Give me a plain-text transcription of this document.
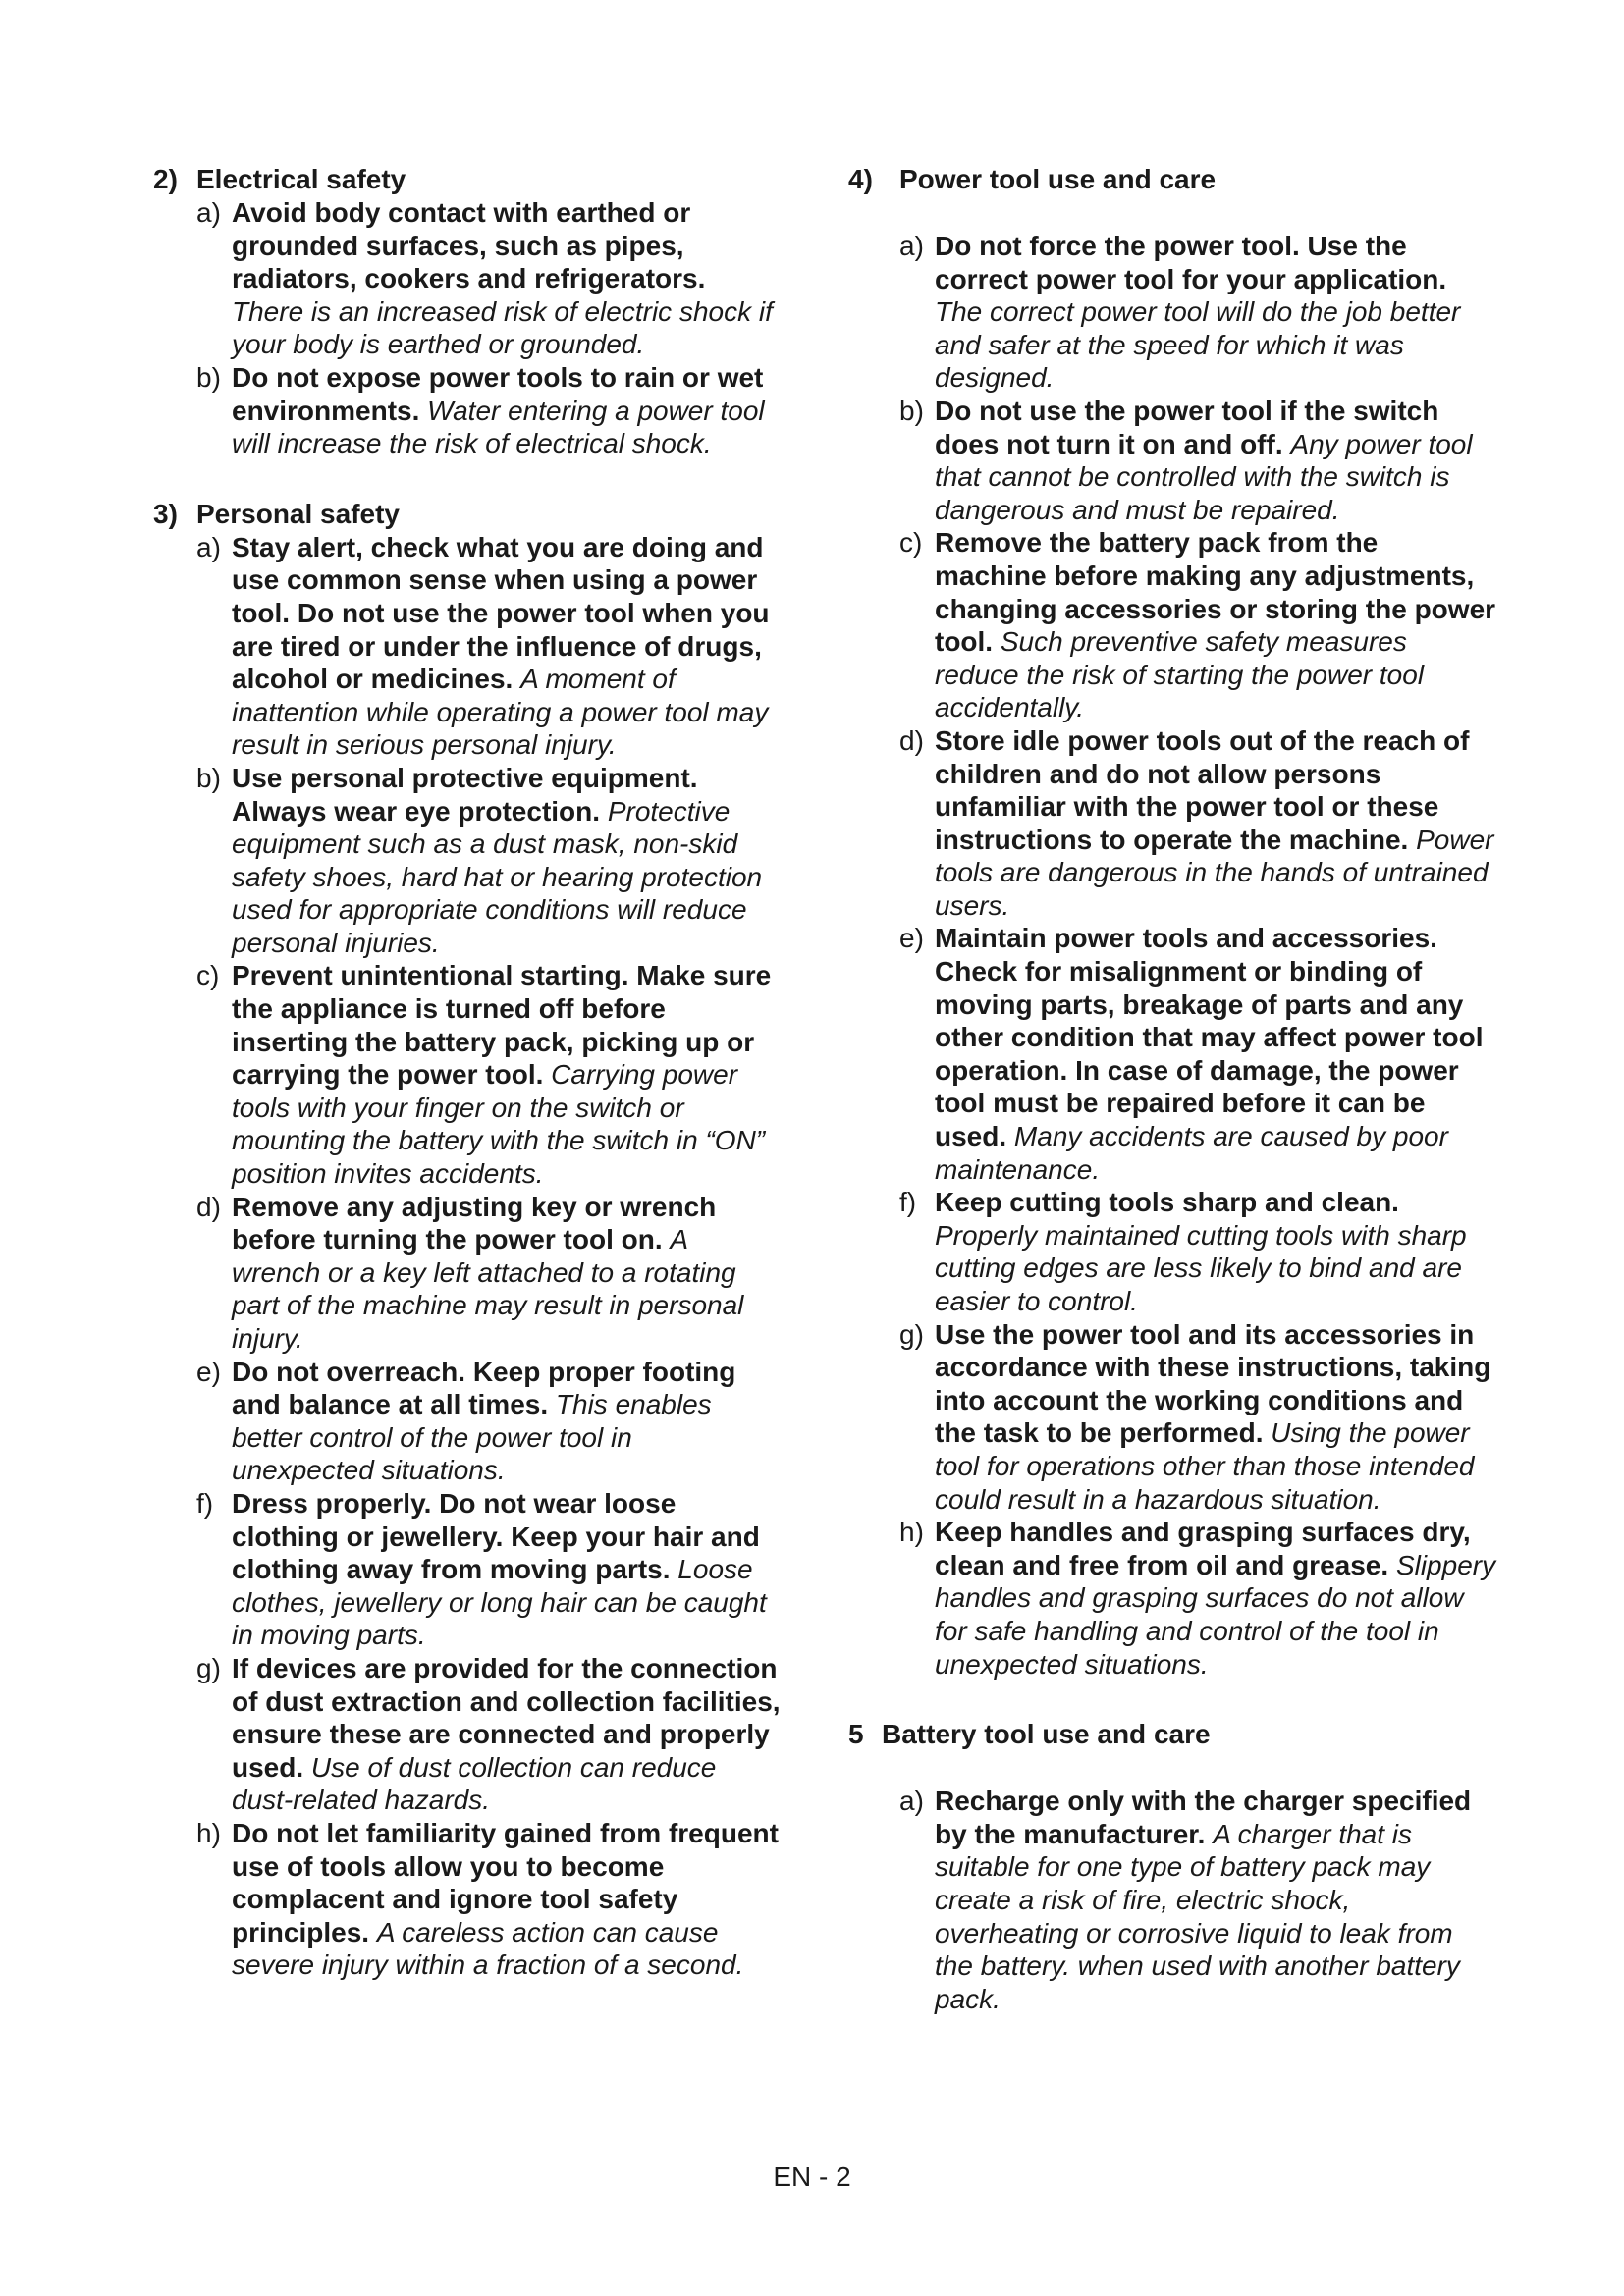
2) Electrical safety
a) Avoid body contact with earthed or grounded surfaces, such as pipes, radiators, cookers and refrigerators. There is an increased risk of electric shock if your body is earthed or grounded.
b) Do not expose power tools to rain or wet environments. Water entering a power tool will increase the risk of electrical shock.
3) Personal safety
a) Stay alert, check what you are doing and use common sense when using a power tool. Do not use the power tool when you are tired or under the influence of drugs, alcohol or medicines. A moment of inattention while operating a power tool may result in serious personal injury.
b) Use personal protective equipment. Always wear eye protection. Protective equipment such as a dust mask, non-skid safety shoes, hard hat or hearing protection used for appropriate conditions will reduce personal injuries.
c) Prevent unintentional starting. Make sure the appliance is turned off before inserting the battery pack, picking up or carrying the power tool. Carrying power tools with your finger on the switch or mounting the battery with the switch in “ON” position invites accidents.
d) Remove any adjusting key or wrench before turning the power tool on. A wrench or a key left attached to a rotating part of the machine may result in personal injury.
e) Do not overreach. Keep proper footing and balance at all times. This enables better control of the power tool in unexpected situations.
f) Dress properly. Do not wear loose clothing or jewellery. Keep your hair and clothing away from moving parts. Loose clothes, jewellery or long hair can be caught in moving parts.
g) If devices are provided for the connection of dust extraction and collection facilities, ensure these are connected and properly used. Use of dust collection can reduce dust-related hazards.
h) Do not let familiarity gained from frequent use of tools allow you to become complacent and ignore tool safety principles. A careless action can cause severe injury within a fraction of a second.
4) Power tool use and care
a) Do not force the power tool. Use the correct power tool for your application. The correct power tool will do the job better and safer at the speed for which it was designed.
b) Do not use the power tool if the switch does not turn it on and off. Any power tool that cannot be controlled with the switch is dangerous and must be repaired.
c) Remove the battery pack from the machine before making any adjustments, changing accessories or storing the power tool. Such preventive safety measures reduce the risk of starting the power tool accidentally.
d) Store idle power tools out of the reach of children and do not allow persons unfamiliar with the power tool or these instructions to operate the machine. Power tools are dangerous in the hands of untrained users.
e) Maintain power tools and accessories. Check for misalignment or binding of moving parts, breakage of parts and any other condition that may affect power tool operation. In case of damage, the power tool must be repaired before it can be used. Many accidents are caused by poor maintenance.
f) Keep cutting tools sharp and clean. Properly maintained cutting tools with sharp cutting edges are less likely to bind and are easier to control.
g) Use the power tool and its accessories in accordance with these instructions, taking into account the working conditions and the task to be performed. Using the power tool for operations other than those intended could result in a hazardous situation.
h) Keep handles and grasping surfaces dry, clean and free from oil and grease. Slippery handles and grasping surfaces do not allow for safe handling and control of the tool in unexpected situations.
5 Battery tool use and care
a) Recharge only with the charger specified by the manufacturer. A charger that is suitable for one type of battery pack may create a risk of fire, electric shock, overheating or corrosive liquid to leak from the battery. when used with another battery pack.
EN - 2
